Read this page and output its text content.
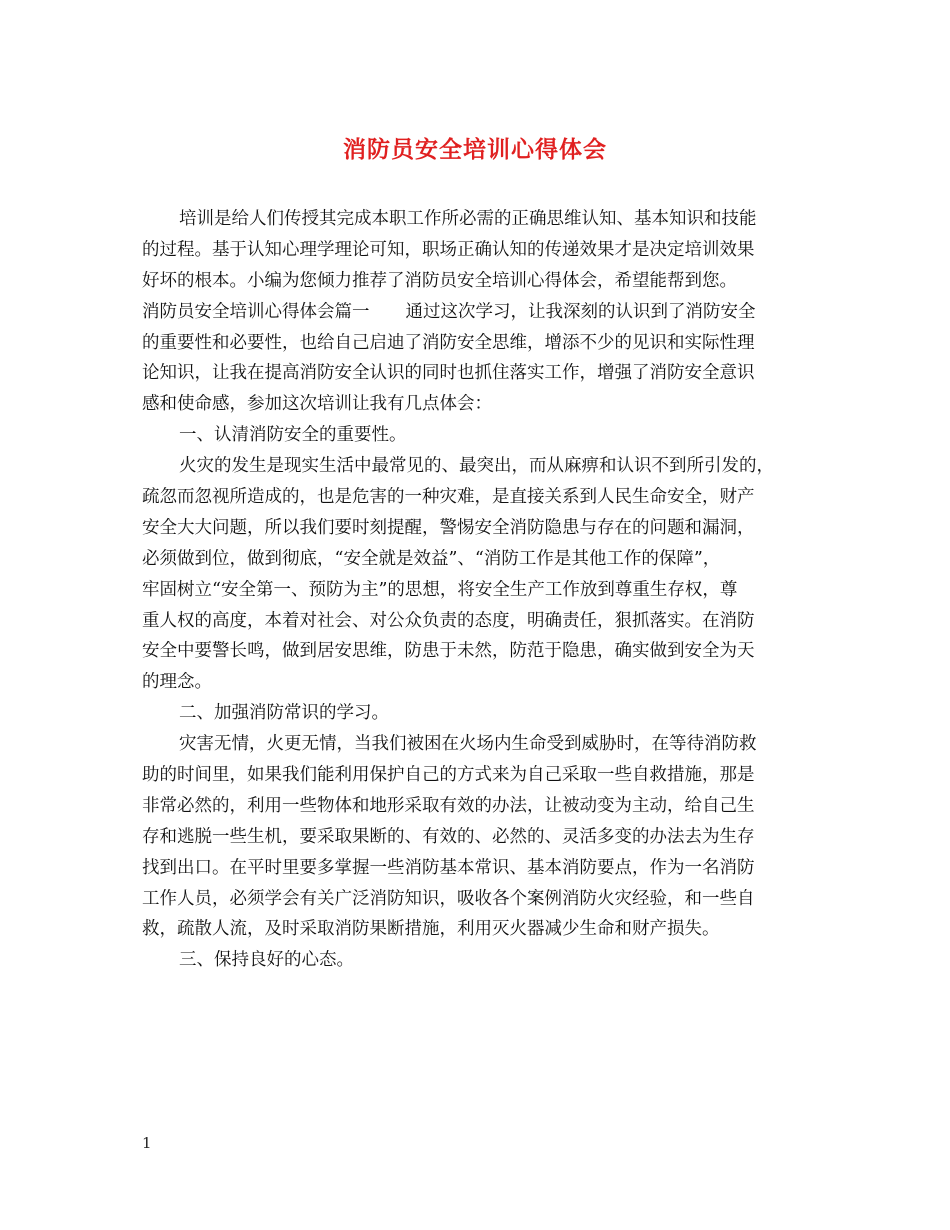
消防员安全培训心得体会
培训是给人们传授其完成本职工作所必需的正确思维认知、基本知识和技能
的过程。基于认知心理学理论可知，职场正确认知的传递效果才是决定培训效果
好坏的根本。小编为您倾力推荐了消防员安全培训心得体会，希望能帮到您。
消防员安全培训心得体会篇一 通过这次学习，让我深刻的认识到了消防安全
的重要性和必要性，也给自己启迪了消防安全思维，增添不少的见识和实际性理
论知识，让我在提高消防安全认识的同时也抓住落实工作，增强了消防安全意识
感和使命感，参加这次培训让我有几点体会：
一、认清消防安全的重要性。
火灾的发生是现实生活中最常见的、最突出，而从麻痹和认识不到所引发的，
疏忽而忽视所造成的，也是危害的一种灾难，是直接关系到人民生命安全，财产
安全大大问题，所以我们要时刻提醒，警惕安全消防隐患与存在的问题和漏洞，
必须做到位，做到彻底，“安全就是效益”、“消防工作是其他工作的保障”，
牢固树立“安全第一、预防为主”的思想，将安全生产工作放到尊重生存权，尊
重人权的高度，本着对社会、对公众负责的态度，明确责任，狠抓落实。在消防
安全中要警长鸣，做到居安思维，防患于未然，防范于隐患，确实做到安全为天
的理念。
二、加强消防常识的学习。
灾害无情，火更无情，当我们被困在火场内生命受到威胁时，在等待消防救
助的时间里，如果我们能利用保护自己的方式来为自己采取一些自救措施，那是
非常必然的，利用一些物体和地形采取有效的办法，让被动变为主动，给自己生
存和逃脱一些生机，要采取果断的、有效的、必然的、灵活多变的办法去为生存
找到出口。在平时里要多掌握一些消防基本常识、基本消防要点，作为一名消防
工作人员，必须学会有关广泛消防知识，吸收各个案例消防火灾经验，和一些自
救，疏散人流，及时采取消防果断措施，利用灭火器减少生命和财产损失。
三、保持良好的心态。
1
